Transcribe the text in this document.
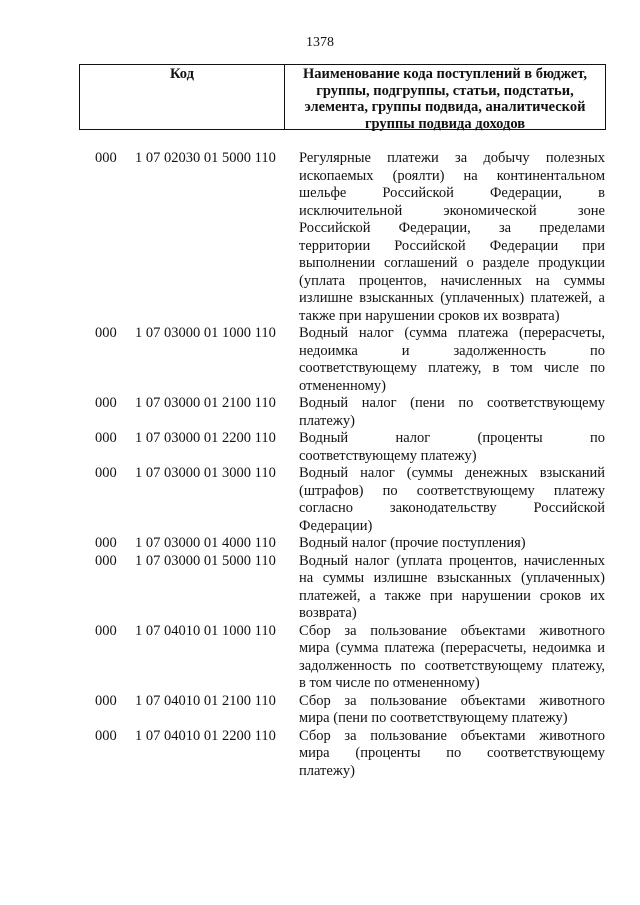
1378
Код	Наименование кода поступлений в бюджет, группы, подгруппы, статьи, подстатьи, элемента, группы подвида, аналитической группы подвида доходов
000	1 07 02030 01 5000 110	Регулярные платежи за добычу полезных
ископаемых (роялти) на континентальном
шельфе Российской Федерации, в
исключительной экономической зоне
Российской Федерации, за пределами
территории Российской Федерации при
выполнении соглашений о разделе продукции
(уплата процентов, начисленных на суммы
излишне взысканных (уплаченных) платежей, а
также при нарушении сроков их возврата)
000	1 07 03000 01 1000 110	Водный налог (сумма платежа (перерасчеты,
недоимка и задолженность по
соответствующему платежу, в том числе по
отмененному)
000	1 07 03000 01 2100 110	Водный налог (пени по соответствующему
платежу)
000	1 07 03000 01 2200 110	Водный налог (проценты по
соответствующему платежу)
000	1 07 03000 01 3000 110	Водный налог (суммы денежных взысканий
(штрафов) по соответствующему платежу
согласно законодательству Российской
Федерации)
000	1 07 03000 01 4000 110	Водный налог (прочие поступления)
000	1 07 03000 01 5000 110	Водный налог (уплата процентов, начисленных
на суммы излишне взысканных (уплаченных)
платежей, а также при нарушении сроков их
возврата)
000	1 07 04010 01 1000 110	Сбор за пользование объектами животного
мира (сумма платежа (перерасчеты, недоимка и
задолженность по соответствующему платежу,
в том числе по отмененному)
000	1 07 04010 01 2100 110	Сбор за пользование объектами животного
мира (пени по соответствующему платежу)
000	1 07 04010 01 2200 110	Сбор за пользование объектами животного
мира (проценты по соответствующему
платежу)
